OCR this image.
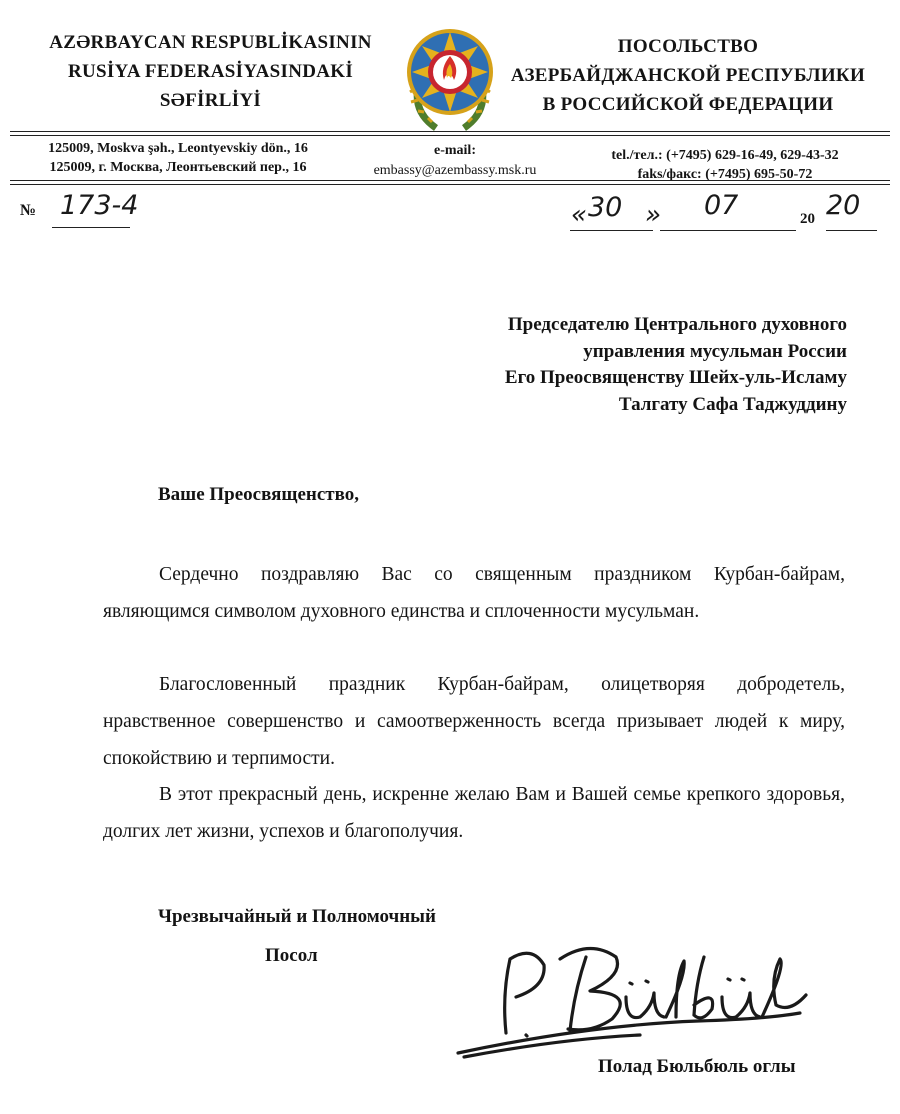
AZƏRBAYCAN RESPUBLİKASININ
RUSİYA FEDERASİYASINDAKİ
SƏFİRLİYİ
ПОСОЛЬСТВО
АЗЕРБАЙДЖАНСКОЙ РЕСПУБЛИКИ
В РОССИЙСКОЙ ФЕДЕРАЦИИ
125009, Moskva şəh., Leontyevskiy dön., 16
125009, г. Москва, Леонтьевский пер., 16
e-mail:
embassy@azembassy.msk.ru
tel./тел.: (+7495) 629-16-49, 629-43-32
faks/факс: (+7495) 695-50-72
№ 173-4	« 30 » 07	20 20
Председателю Центрального духовного
управления мусульман России
Его Преосвященству Шейх-уль-Исламу
Талгату Сафа Таджуддину
Ваше Преосвященство,
Сердечно поздравляю Вас со священным праздником Курбан-байрам, являющимся символом духовного единства и сплоченности мусульман.
Благословенный праздник Курбан-байрам, олицетворяя добродетель, нравственное совершенство и самоотверженность всегда призывает людей к миру, спокойствию и терпимости.
В этот прекрасный день, искренне желаю Вам и Вашей семье крепкого здоровья, долгих лет жизни, успехов и благополучия.
Чрезвычайный и Полномочный
Посол
Полад Бюльбюль оглы
